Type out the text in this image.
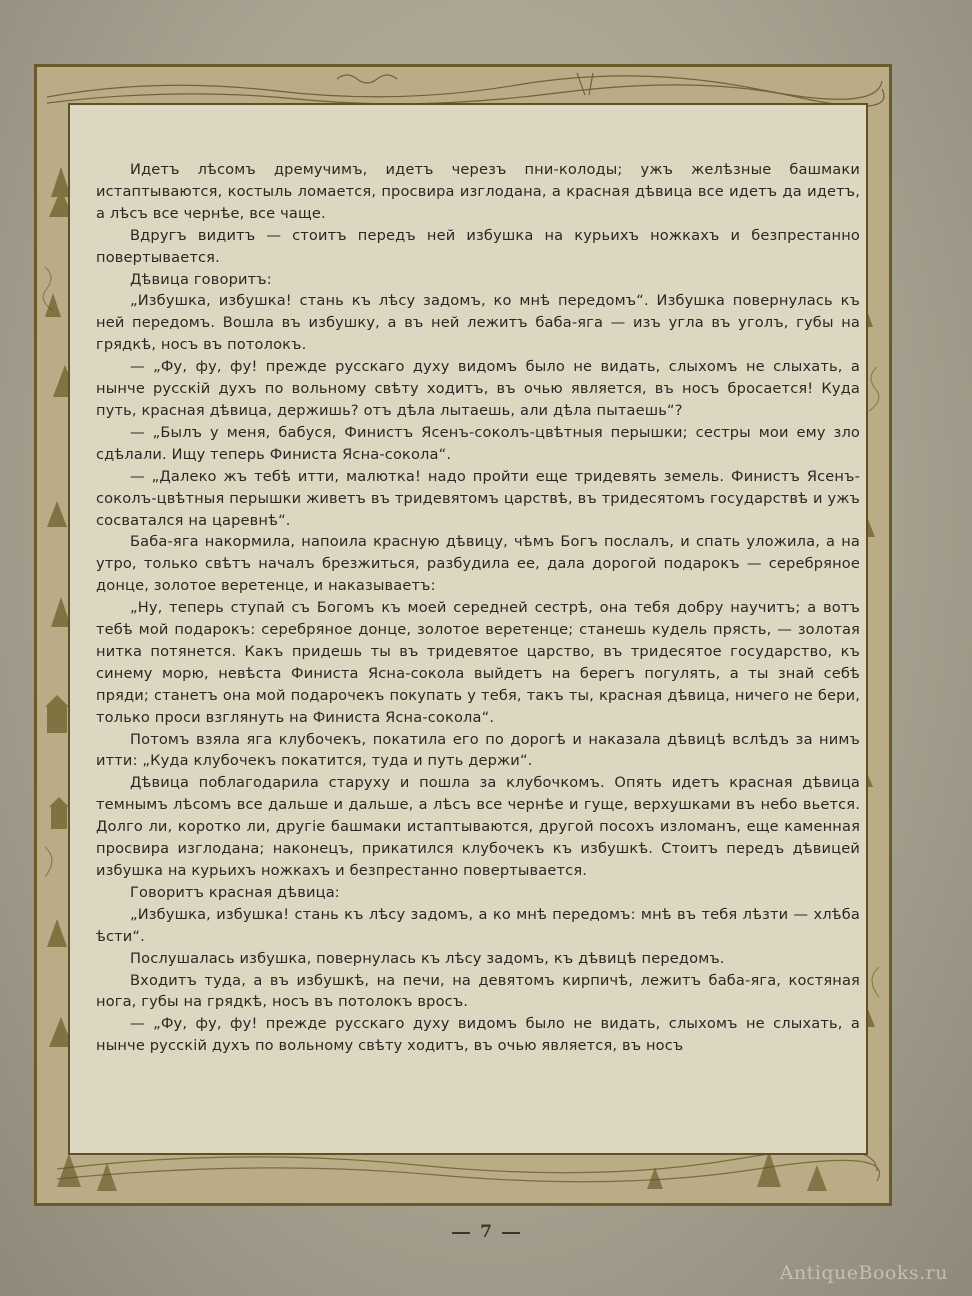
Идетъ лѣсомъ дремучимъ, идетъ черезъ пни-колоды; ужъ желѣзные башмаки истаптываются, костыль ломается, просвира изглодана, а красная дѣвица все идетъ да идетъ, а лѣсъ все чернѣе, все чаще.

Вдругъ видитъ — стоитъ передъ ней избушка на курьихъ ножкахъ и безпрестанно повертывается.

Дѣвица говоритъ:

„Избушка, избушка! стань къ лѣсу задомъ, ко мнѣ передомъ“. Избушка повернулась къ ней передомъ. Вошла въ избушку, а въ ней лежитъ баба-яга — изъ угла въ уголъ, губы на грядкѣ, носъ въ потолокъ.

— „Фу, фу, фу! прежде русскаго духу видомъ было не видать, слыхомъ не слыхать, а нынче русскій духъ по вольному свѣту ходитъ, въ очью является, въ носъ бросается! Куда путь, красная дѣвица, держишь? отъ дѣла лытаешь, али дѣла пытаешь“?

— „Былъ у меня, бабуся, Финистъ Ясенъ-соколъ-цвѣтныя перышки; сестры мои ему зло сдѣлали. Ищу теперь Финиста Ясна-сокола“.

— „Далеко жъ тебѣ итти, малютка! надо пройти еще тридевять земель. Финистъ Ясенъ-соколъ-цвѣтныя перышки живетъ въ тридевятомъ царствѣ, въ тридесятомъ государствѣ и ужъ сосватался на царевнѣ“.

Баба-яга накормила, напоила красную дѣвицу, чѣмъ Богъ послалъ, и спать уложила, а на утро, только свѣтъ началъ брезжиться, разбудила ее, дала дорогой подарокъ — серебряное донце, золотое веретенце, и наказываетъ:

„Ну, теперь ступай съ Богомъ къ моей середней сестрѣ, она тебя добру научитъ; а вотъ тебѣ мой подарокъ: серебряное донце, золотое веретенце; станешь кудель прясть, — золотая нитка потянется. Какъ придешь ты въ тридевятое царство, въ тридесятое государство, къ синему морю, невѣста Финиста Ясна-сокола выйдетъ на берегъ погулять, а ты знай себѣ пряди; станетъ она мой подарочекъ покупать у тебя, такъ ты, красная дѣвица, ничего не бери, только проси взглянуть на Финиста Ясна-сокола“.

Потомъ взяла яга клубочекъ, покатила его по дорогѣ и наказала дѣвицѣ вслѣдъ за нимъ итти: „Куда клубочекъ покатится, туда и путь держи“.

Дѣвица поблагодарила старуху и пошла за клубочкомъ. Опять идетъ красная дѣвица темнымъ лѣсомъ все дальше и дальше, а лѣсъ все чернѣе и гуще, верхушками въ небо вьется. Долго ли, коротко ли, другіе башмаки истаптываются, другой посохъ изломанъ, еще каменная просвира изглодана; наконецъ, прикатился клубочекъ къ избушкѣ. Стоитъ передъ дѣвицей избушка на курьихъ ножкахъ и безпрестанно повертывается.

Говоритъ красная дѣвица:

„Избушка, избушка! стань къ лѣсу задомъ, а ко мнѣ передомъ: мнѣ въ тебя лѣзти — хлѣба ѣсти“.

Послушалась избушка, повернулась къ лѣсу задомъ, къ дѣвицѣ передомъ.

Входитъ туда, а въ избушкѣ, на печи, на девятомъ кирпичѣ, лежитъ баба-яга, костяная нога, губы на грядкѣ, носъ въ потолокъ вросъ.

— „Фу, фу, фу! прежде русскаго духу видомъ было не видать, слыхомъ не слыхать, а нынче русскій духъ по вольному свѣту ходитъ, въ очью является, въ носъ

7
AntiqueBooks.ru
